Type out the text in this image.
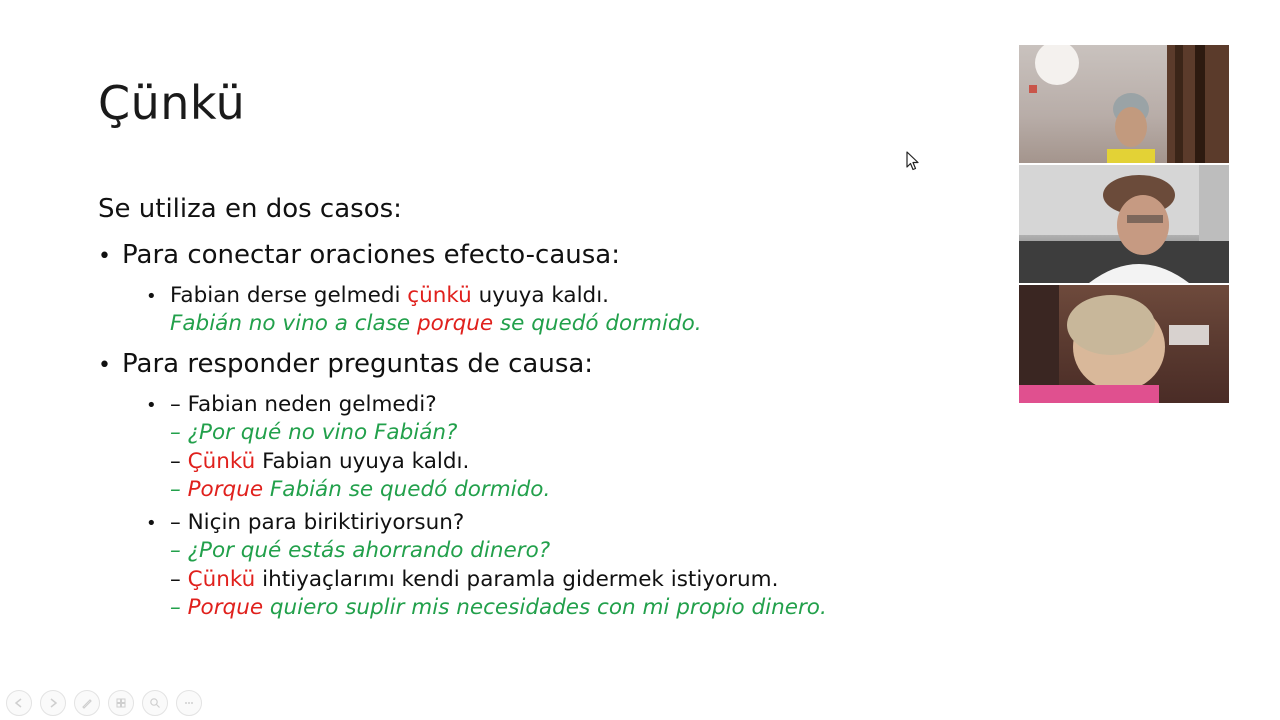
Çünkü
Se utiliza en dos casos:
• Para conectar oraciones efecto-causa:
• Fabian derse gelmedi çünkü uyuya kaldı.
Fabián no vino a clase porque se quedó dormido.
• Para responder preguntas de causa:
• – Fabian neden gelmedi?
– ¿Por qué no vino Fabián?
– Çünkü Fabian uyuya kaldı.
– Porque Fabián se quedó dormido.
• – Niçin para biriktiriyorsun?
– ¿Por qué estás ahorrando dinero?
– Çünkü ihtiyaçlarımı kendi paramla gidermek istiyorum.
– Porque quiero suplir mis necesidades con mi propio dinero.
